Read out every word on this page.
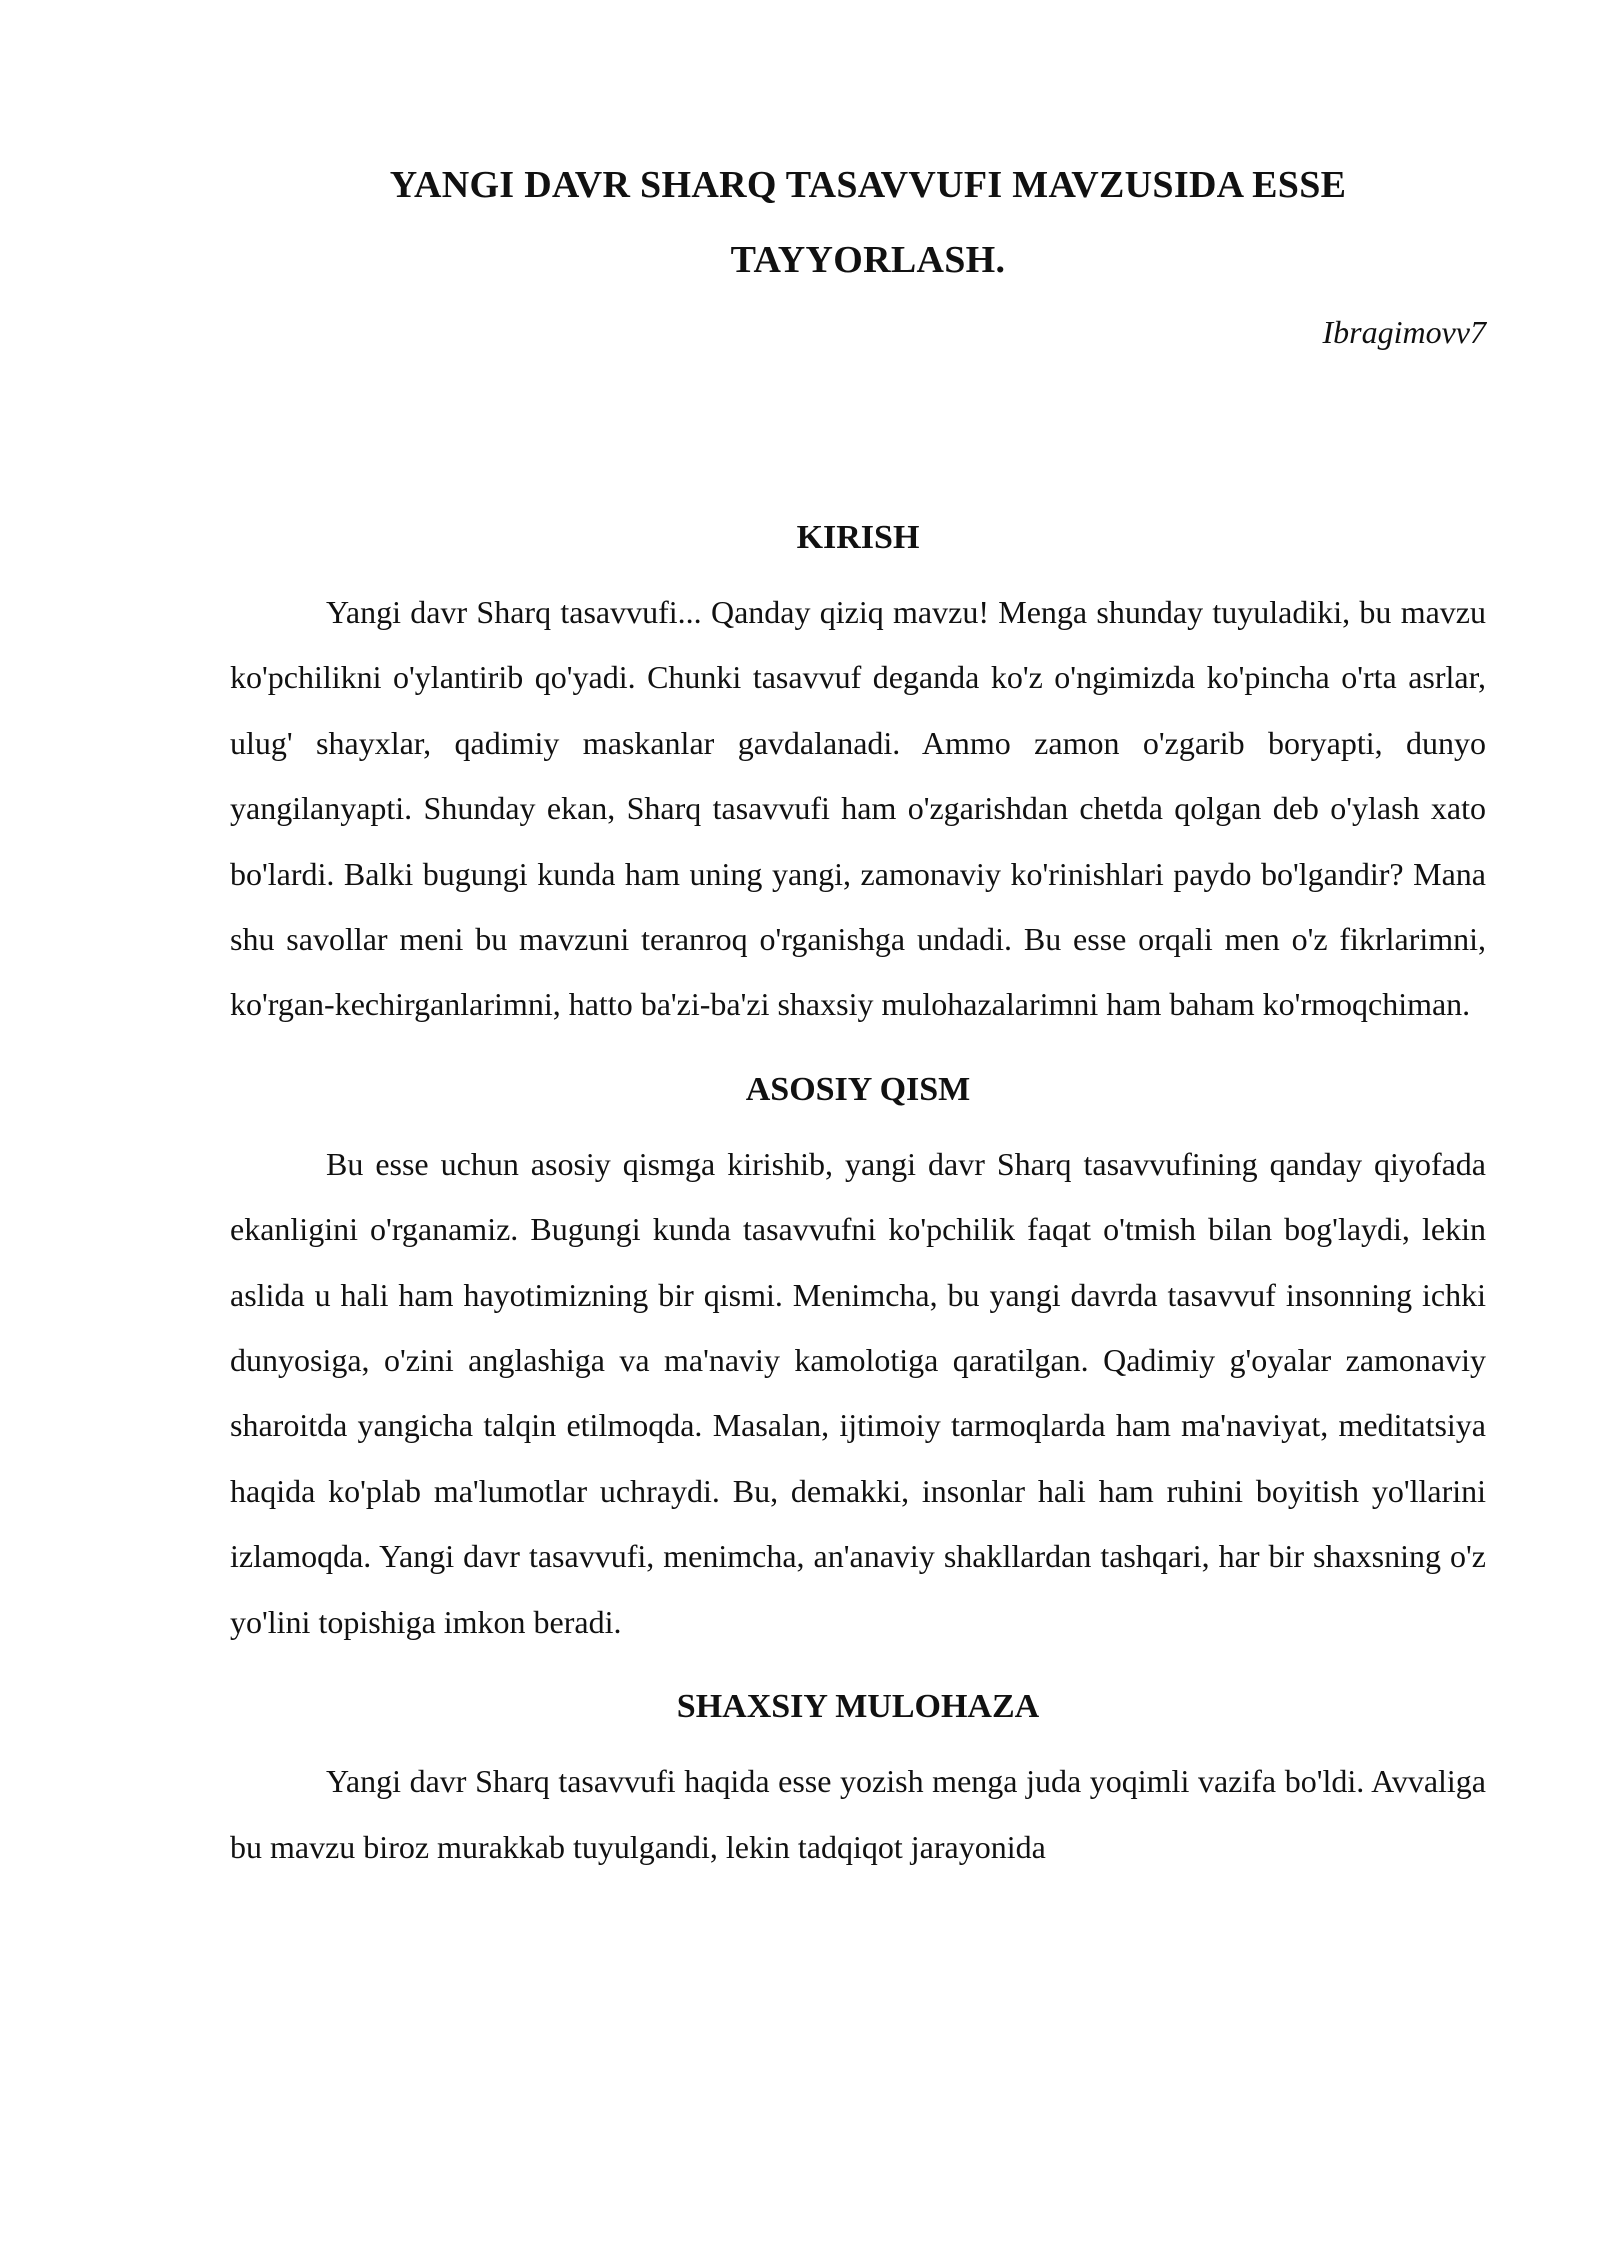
YANGI DAVR SHARQ TASAVVUFI MAVZUSIDA ESSE TAYYORLASH.

Ibragimovv7

KIRISH

Yangi davr Sharq tasavvufi... Qanday qiziq mavzu! Menga shunday tuyuladiki, bu mavzu ko'pchilikni o'ylantirib qo'yadi. Chunki tasavvuf deganda ko'z o'ngimizda ko'pincha o'rta asrlar, ulug' shayxlar, qadimiy maskanlar gavdalanadi. Ammo zamon o'zgarib boryapti, dunyo yangilanyapti. Shunday ekan, Sharq tasavvufi ham o'zgarishdan chetda qolgan deb o'ylash xato bo'lardi. Balki bugungi kunda ham uning yangi, zamonaviy ko'rinishlari paydo bo'lgandir? Mana shu savollar meni bu mavzuni teranroq o'rganishga undadi. Bu esse orqali men o'z fikrlarimni, ko'rgan-kechirganlarimni, hatto ba'zi-ba'zi shaxsiy mulohazalarimni ham baham ko'rmoqchiman.

ASOSIY QISM

Bu esse uchun asosiy qismga kirishib, yangi davr Sharq tasavvufining qanday qiyofada ekanligini o'rganamiz. Bugungi kunda tasavvufni ko'pchilik faqat o'tmish bilan bog'laydi, lekin aslida u hali ham hayotimizning bir qismi. Menimcha, bu yangi davrda tasavvuf insonning ichki dunyosiga, o'zini anglashiga va ma'naviy kamolotiga qaratilgan. Qadimiy g'oyalar zamonaviy sharoitda yangicha talqin etilmoqda. Masalan, ijtimoiy tarmoqlarda ham ma'naviyat, meditatsiya haqida ko'plab ma'lumotlar uchraydi. Bu, demakki, insonlar hali ham ruhini boyitish yo'llarini izlamoqda. Yangi davr tasavvufi, menimcha, an'anaviy shakllardan tashqari, har bir shaxsning o'z yo'lini topishiga imkon beradi.

SHAXSIY MULOHAZA

Yangi davr Sharq tasavvufi haqida esse yozish menga juda yoqimli vazifa bo'ldi. Avvaliga bu mavzu biroz murakkab tuyulgandi, lekin tadqiqot jarayonida
